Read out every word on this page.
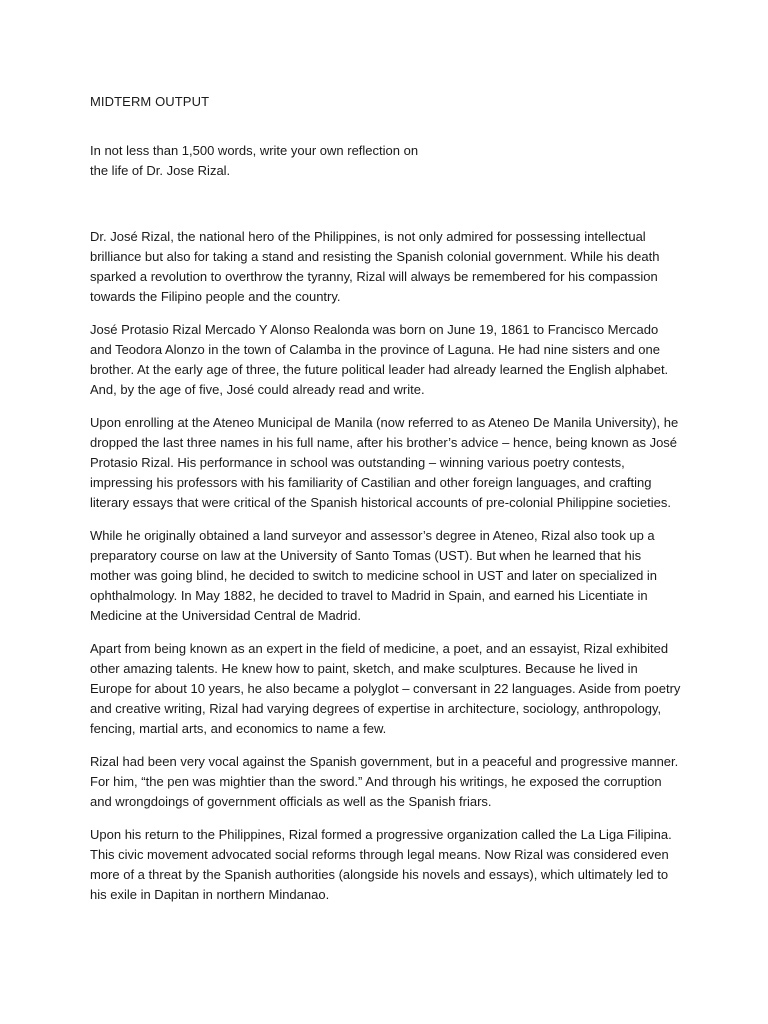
MIDTERM OUTPUT

In not less than 1,500 words, write your own reflection on
the life of Dr. Jose Rizal.

Dr. José Rizal, the national hero of the Philippines, is not only admired for possessing intellectual brilliance but also for taking a stand and resisting the Spanish colonial government. While his death sparked a revolution to overthrow the tyranny, Rizal will always be remembered for his compassion towards the Filipino people and the country.

José Protasio Rizal Mercado Y Alonso Realonda was born on June 19, 1861 to Francisco Mercado and Teodora Alonzo in the town of Calamba in the province of Laguna. He had nine sisters and one brother. At the early age of three, the future political leader had already learned the English alphabet. And, by the age of five, José could already read and write.

Upon enrolling at the Ateneo Municipal de Manila (now referred to as Ateneo De Manila University), he dropped the last three names in his full name, after his brother’s advice – hence, being known as José Protasio Rizal. His performance in school was outstanding – winning various poetry contests, impressing his professors with his familiarity of Castilian and other foreign languages, and crafting literary essays that were critical of the Spanish historical accounts of pre-colonial Philippine societies.

While he originally obtained a land surveyor and assessor’s degree in Ateneo, Rizal also took up a preparatory course on law at the University of Santo Tomas (UST). But when he learned that his mother was going blind, he decided to switch to medicine school in UST and later on specialized in ophthalmology. In May 1882, he decided to travel to Madrid in Spain, and earned his Licentiate in Medicine at the Universidad Central de Madrid.

Apart from being known as an expert in the field of medicine, a poet, and an essayist, Rizal exhibited other amazing talents. He knew how to paint, sketch, and make sculptures. Because he lived in Europe for about 10 years, he also became a polyglot – conversant in 22 languages. Aside from poetry and creative writing, Rizal had varying degrees of expertise in architecture, sociology, anthropology, fencing, martial arts, and economics to name a few.

Rizal had been very vocal against the Spanish government, but in a peaceful and progressive manner. For him, “the pen was mightier than the sword.” And through his writings, he exposed the corruption and wrongdoings of government officials as well as the Spanish friars.

Upon his return to the Philippines, Rizal formed a progressive organization called the La Liga Filipina. This civic movement advocated social reforms through legal means. Now Rizal was considered even more of a threat by the Spanish authorities (alongside his novels and essays), which ultimately led to his exile in Dapitan in northern Mindanao.
